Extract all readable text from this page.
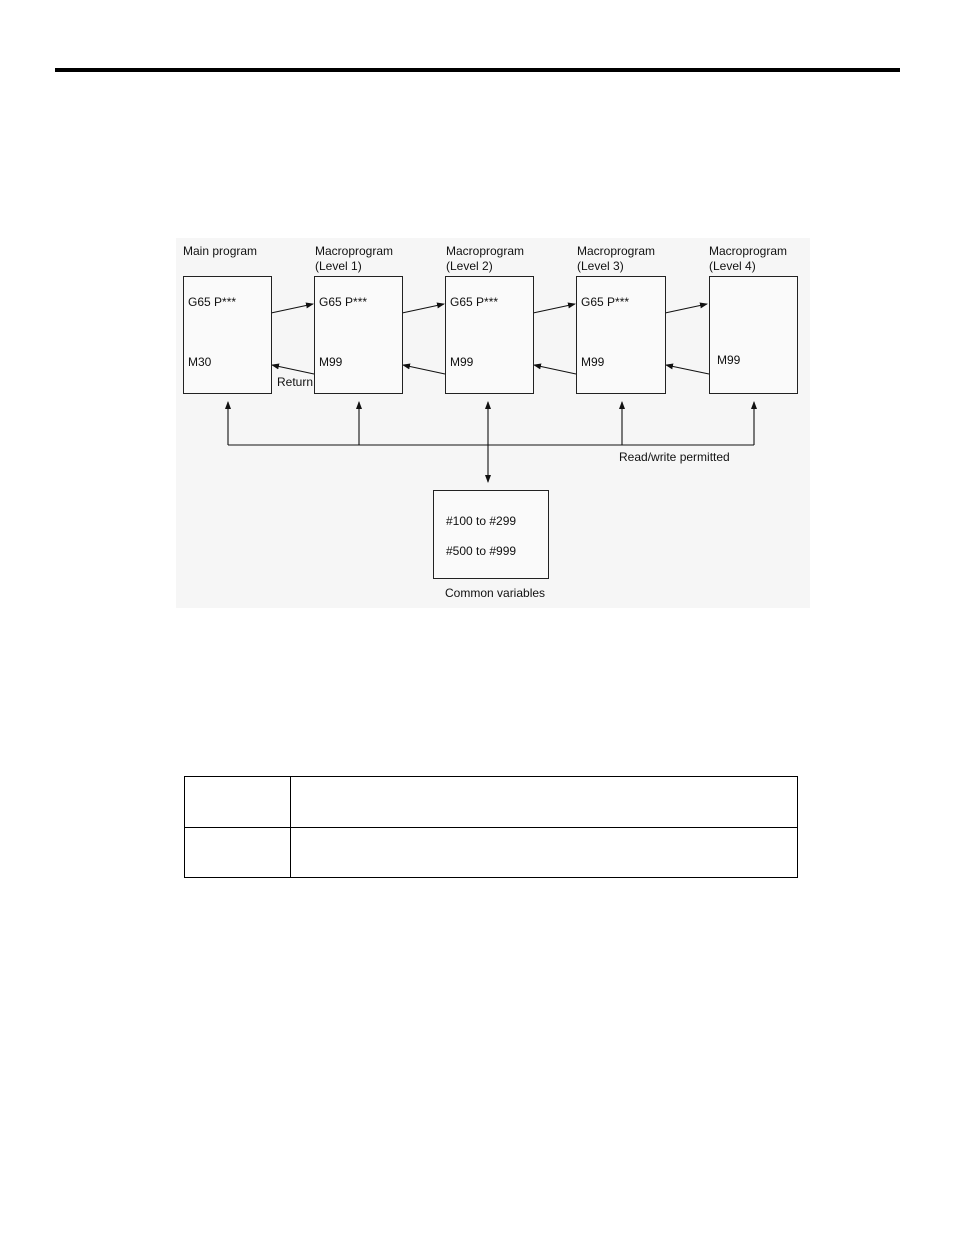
Main program	Macroprogram
(Level 1)
Macroprogram
(Level 2)
Macroprogram
(Level 3)
Macroprogram
(Level 4)
G65 P***
M30
G65 P***
M99
G65 P***
M99
G65 P***
M99	M99
Return
Read/write permitted
#100 to #299
#500 to #999
Common variables
